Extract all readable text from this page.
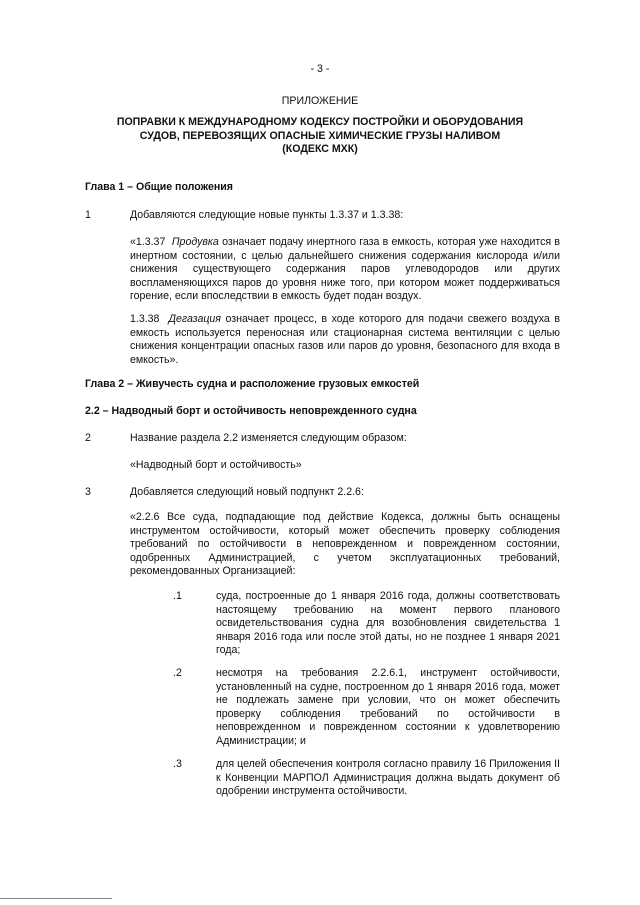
- 3 -
ПРИЛОЖЕНИЕ
ПОПРАВКИ К МЕЖДУНАРОДНОМУ КОДЕКСУ ПОСТРОЙКИ И ОБОРУДОВАНИЯ
СУДОВ, ПЕРЕВОЗЯЩИХ ОПАСНЫЕ ХИМИЧЕСКИЕ ГРУЗЫ НАЛИВОМ
(КОДЕКС МХК)
Глава 1 – Общие положения
1	Добавляются следующие новые пункты 1.3.37 и 1.3.38:
«1.3.37 Продувка означает подачу инертного газа в емкость, которая уже находится в инертном состоянии, с целью дальнейшего снижения содержания кислорода и/или снижения существующего содержания паров углеводородов или других воспламеняющихся паров до уровня ниже того, при котором может поддерживаться горение, если впоследствии в емкость будет подан воздух.
1.3.38 Дегазация означает процесс, в ходе которого для подачи свежего воздуха в емкость используется переносная или стационарная система вентиляции с целью снижения концентрации опасных газов или паров до уровня, безопасного для входа в емкость».
Глава 2 – Живучесть судна и расположение грузовых емкостей
2.2 – Надводный борт и остойчивость неповрежденного судна
2	Название раздела 2.2 изменяется следующим образом:
«Надводный борт и остойчивость»
3	Добавляется следующий новый подпункт 2.2.6:
«2.2.6 Все суда, подпадающие под действие Кодекса, должны быть оснащены инструментом остойчивости, который может обеспечить проверку соблюдения требований по остойчивости в неповрежденном и поврежденном состоянии, одобренных Администрацией, с учетом эксплуатационных требований, рекомендованных Организацией:
.1	суда, построенные до 1 января 2016 года, должны соответствовать настоящему требованию на момент первого планового освидетельствования судна для возобновления свидетельства 1 января 2016 года или после этой даты, но не позднее 1 января 2021 года;
.2	несмотря на требования 2.2.6.1, инструмент остойчивости, установленный на судне, построенном до 1 января 2016 года, может не подлежать замене при условии, что он может обеспечить проверку соблюдения требований по остойчивости в неповрежденном и поврежденном состоянии к удовлетворению Администрации; и
.3	для целей обеспечения контроля согласно правилу 16 Приложения II к Конвенции МАРПОЛ Администрация должна выдать документ об одобрении инструмента остойчивости.
